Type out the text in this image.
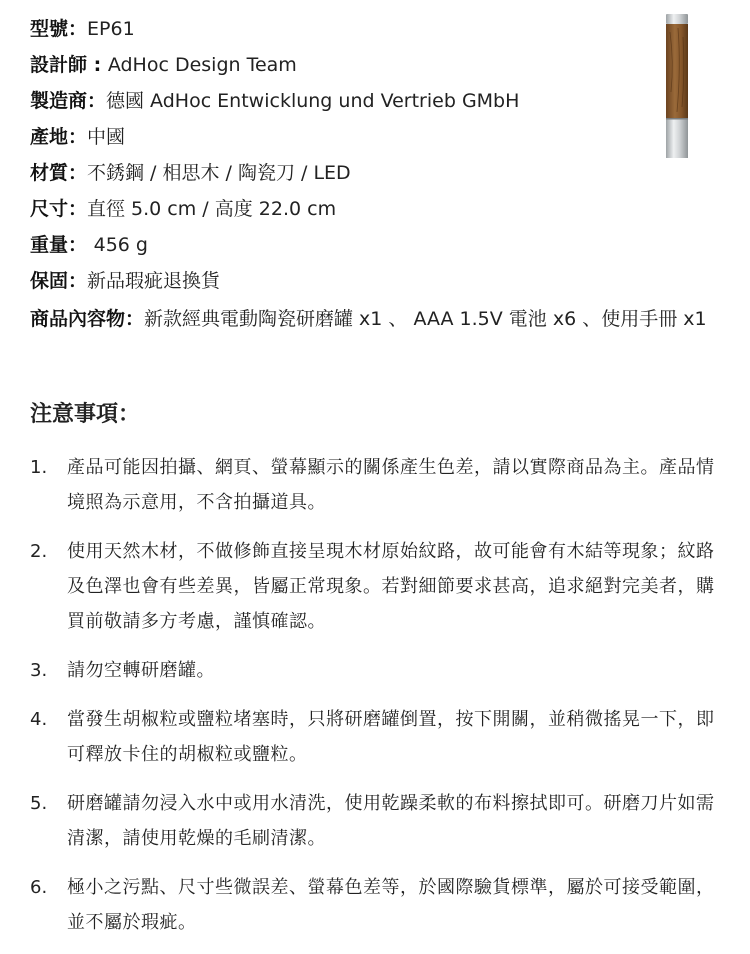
型號：EP61
設計師 : AdHoc Design Team
製造商：德國 AdHoc Entwicklung und Vertrieb GMbH
產地：中國
材質：不銹鋼 / 相思木 / 陶瓷刀 / LED
尺寸：直徑 5.0 cm / 高度 22.0 cm
重量： 456 g
保固：新品瑕疵退換貨
商品內容物：新款經典電動陶瓷研磨罐 x1 、 AAA 1.5V 電池 x6 、使用手冊 x1
注意事項：
1.	產品可能因拍攝、網頁、螢幕顯示的關係產生色差，請以實際商品為主。產品情境照為示意用，不含拍攝道具。
2.	使用天然木材，不做修飾直接呈現木材原始紋路，故可能會有木結等現象；紋路及色澤也會有些差異，皆屬正常現象。若對細節要求甚高，追求絕對完美者，購買前敬請多方考慮，謹慎確認。
3.	請勿空轉研磨罐。
4.	當發生胡椒粒或鹽粒堵塞時，只將研磨罐倒置，按下開關，並稍微搖晃一下，即可釋放卡住的胡椒粒或鹽粒。
5.	研磨罐請勿浸入水中或用水清洗，使用乾躁柔軟的布料擦拭即可。研磨刀片如需清潔，請使用乾燥的毛刷清潔。
6.	極小之污點、尺寸些微誤差、螢幕色差等，於國際驗貨標準，屬於可接受範圍，並不屬於瑕疵。
